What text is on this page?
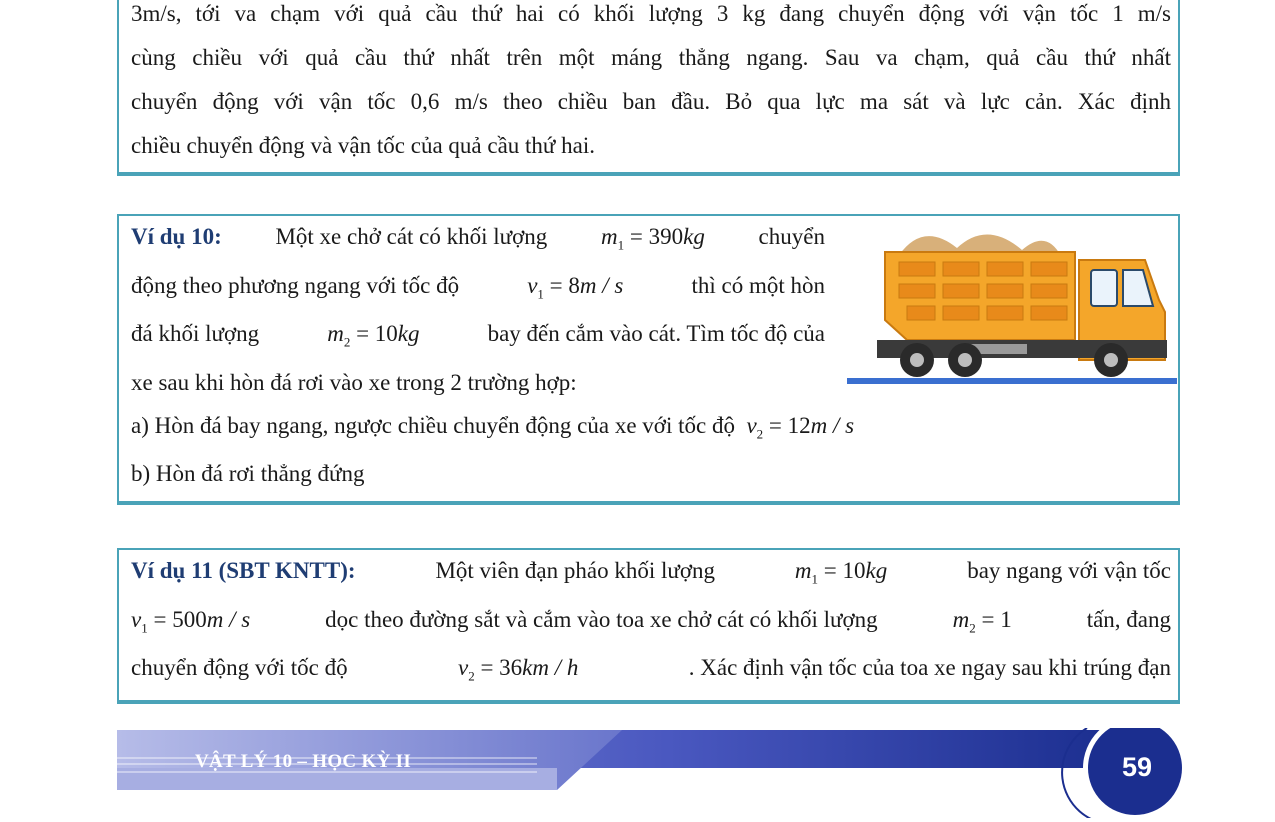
3m/s, tới va chạm với quả cầu thứ hai có khối lượng 3 kg đang chuyển động với vận tốc 1 m/s
cùng chiều với quả cầu thứ nhất trên một máng thẳng ngang. Sau va chạm, quả cầu thứ nhất
chuyển động với vận tốc 0,6 m/s theo chiều ban đầu. Bỏ qua lực ma sát và lực cản. Xác định
chiều chuyển động và vận tốc của quả cầu thứ hai.
Ví dụ 10: Một xe chở cát có khối lượng $m_1 = 390kg$ chuyển
động theo phương ngang với tốc độ	$v_1 = 8m / s$	thì có một hòn
đá khối lượng	$m_2 = 10kg$	bay đến cắm vào cát. Tìm tốc độ của
xe sau khi hòn đá rơi vào xe trong 2 trường hợp:
a) Hòn đá bay ngang, ngược chiều chuyển động của xe với tốc độ $v_2 = 12m / s$
b) Hòn đá rơi thẳng đứng
Ví dụ 11 (SBT KNTT):	Một viên đạn pháo khối lượng	$m_1 = 10kg$	bay ngang với vận tốc
$v_1 = 500m / s$	dọc theo đường sắt và cắm vào toa xe chở cát có khối lượng	$m_2 = 1$	tấn, đang
chuyển động với tốc độ	$v_2 = 36km / h$	. Xác định vận tốc của toa xe ngay sau khi trúng đạn
VẬT LÝ 10 – HỌC KỲ II	59
